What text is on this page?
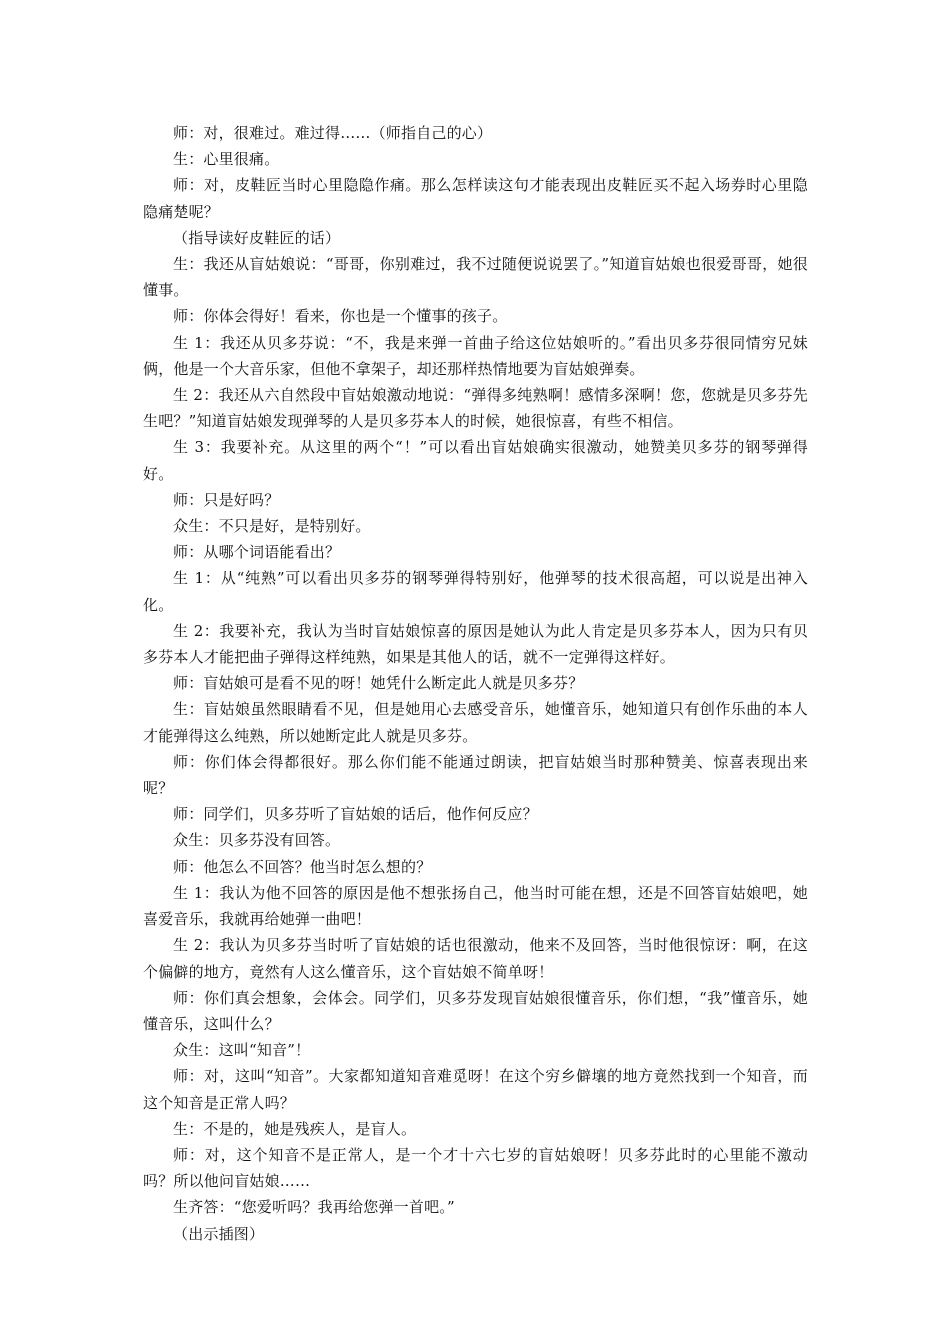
师：对，很难过。难过得……（师指自己的心）

生：心里很痛。

师：对，皮鞋匠当时心里隐隐作痛。那么怎样读这句才能表现出皮鞋匠买不起入场券时心里隐隐痛楚呢？

（指导读好皮鞋匠的话）

生：我还从盲姑娘说：“哥哥，你别难过，我不过随便说说罢了。”知道盲姑娘也很爱哥哥，她很懂事。

师：你体会得好！看来，你也是一个懂事的孩子。

生 1：我还从贝多芬说：“不，我是来弹一首曲子给这位姑娘听的。”看出贝多芬很同情穷兄妹俩，他是一个大音乐家，但他不拿架子，却还那样热情地要为盲姑娘弹奏。

生 2：我还从六自然段中盲姑娘激动地说：“弹得多纯熟啊！感情多深啊！您，您就是贝多芬先生吧？”知道盲姑娘发现弹琴的人是贝多芬本人的时候，她很惊喜，有些不相信。

生 3：我要补充。从这里的两个“！”可以看出盲姑娘确实很激动，她赞美贝多芬的钢琴弹得好。

师：只是好吗？

众生：不只是好，是特别好。

师：从哪个词语能看出？

生 1：从“纯熟”可以看出贝多芬的钢琴弹得特别好，他弹琴的技术很高超，可以说是出神入化。

生 2：我要补充，我认为当时盲姑娘惊喜的原因是她认为此人肯定是贝多芬本人，因为只有贝多芬本人才能把曲子弹得这样纯熟，如果是其他人的话，就不一定弹得这样好。

师：盲姑娘可是看不见的呀！她凭什么断定此人就是贝多芬？

生：盲姑娘虽然眼睛看不见，但是她用心去感受音乐，她懂音乐，她知道只有创作乐曲的本人才能弹得这么纯熟，所以她断定此人就是贝多芬。

师：你们体会得都很好。那么你们能不能通过朗读，把盲姑娘当时那种赞美、惊喜表现出来呢？

师：同学们，贝多芬听了盲姑娘的话后，他作何反应？

众生：贝多芬没有回答。

师：他怎么不回答？他当时怎么想的？

生 1：我认为他不回答的原因是他不想张扬自己，他当时可能在想，还是不回答盲姑娘吧，她喜爱音乐，我就再给她弹一曲吧！

生 2：我认为贝多芬当时听了盲姑娘的话也很激动，他来不及回答，当时他很惊讶：啊，在这个偏僻的地方，竟然有人这么懂音乐，这个盲姑娘不简单呀！

师：你们真会想象，会体会。同学们，贝多芬发现盲姑娘很懂音乐，你们想，“我”懂音乐，她懂音乐，这叫什么？

众生：这叫“知音”！

师：对，这叫“知音”。大家都知道知音难觅呀！在这个穷乡僻壤的地方竟然找到一个知音，而这个知音是正常人吗？

生：不是的，她是残疾人，是盲人。

师：对，这个知音不是正常人，是一个才十六七岁的盲姑娘呀！贝多芬此时的心里能不激动吗？所以他问盲姑娘……

生齐答：“您爱听吗？我再给您弹一首吧。”

（出示插图）
